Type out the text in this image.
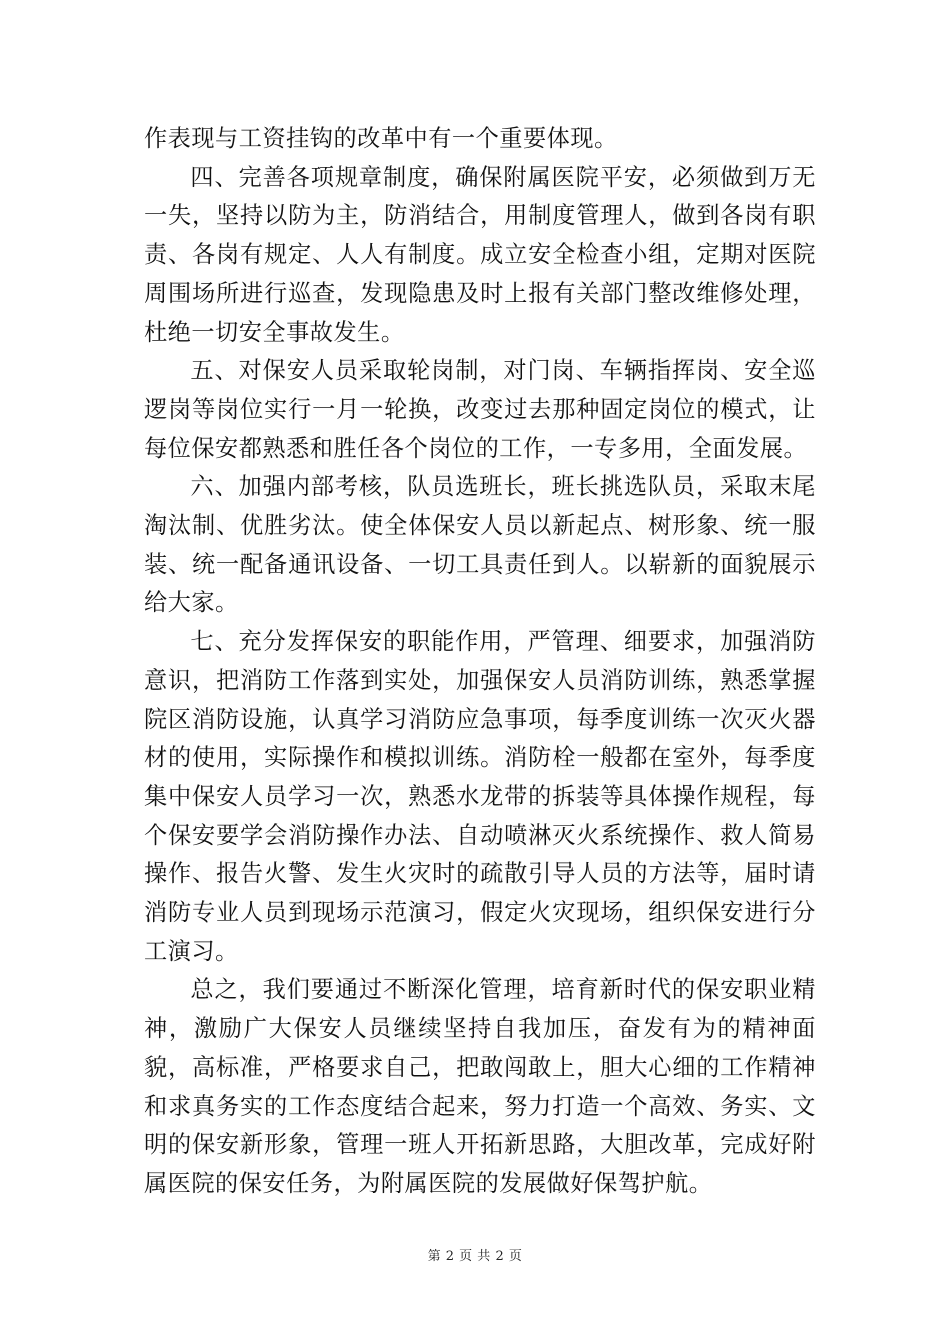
作表现与工资挂钩的改革中有一个重要体现。

四、完善各项规章制度，确保附属医院平安，必须做到万无一失，坚持以防为主，防消结合，用制度管理人，做到各岗有职责、各岗有规定、人人有制度。成立安全检查小组，定期对医院周围场所进行巡查，发现隐患及时上报有关部门整改维修处理，杜绝一切安全事故发生。

五、对保安人员采取轮岗制，对门岗、车辆指挥岗、安全巡逻岗等岗位实行一月一轮换，改变过去那种固定岗位的模式，让每位保安都熟悉和胜任各个岗位的工作，一专多用，全面发展。

六、加强内部考核，队员选班长，班长挑选队员，采取末尾淘汰制、优胜劣汰。使全体保安人员以新起点、树形象、统一服装、统一配备通讯设备、一切工具责任到人。以崭新的面貌展示给大家。

七、充分发挥保安的职能作用，严管理、细要求，加强消防意识，把消防工作落到实处，加强保安人员消防训练，熟悉掌握院区消防设施，认真学习消防应急事项，每季度训练一次灭火器材的使用，实际操作和模拟训练。消防栓一般都在室外，每季度集中保安人员学习一次，熟悉水龙带的拆装等具体操作规程，每个保安要学会消防操作办法、自动喷淋灭火系统操作、救人简易操作、报告火警、发生火灾时的疏散引导人员的方法等，届时请消防专业人员到现场示范演习，假定火灾现场，组织保安进行分工演习。

总之，我们要通过不断深化管理，培育新时代的保安职业精神，激励广大保安人员继续坚持自我加压，奋发有为的精神面貌，高标准，严格要求自己，把敢闯敢上，胆大心细的工作精神和求真务实的工作态度结合起来，努力打造一个高效、务实、文明的保安新形象，管理一班人开拓新思路，大胆改革，完成好附属医院的保安任务，为附属医院的发展做好保驾护航。

第 2 页 共 2 页
